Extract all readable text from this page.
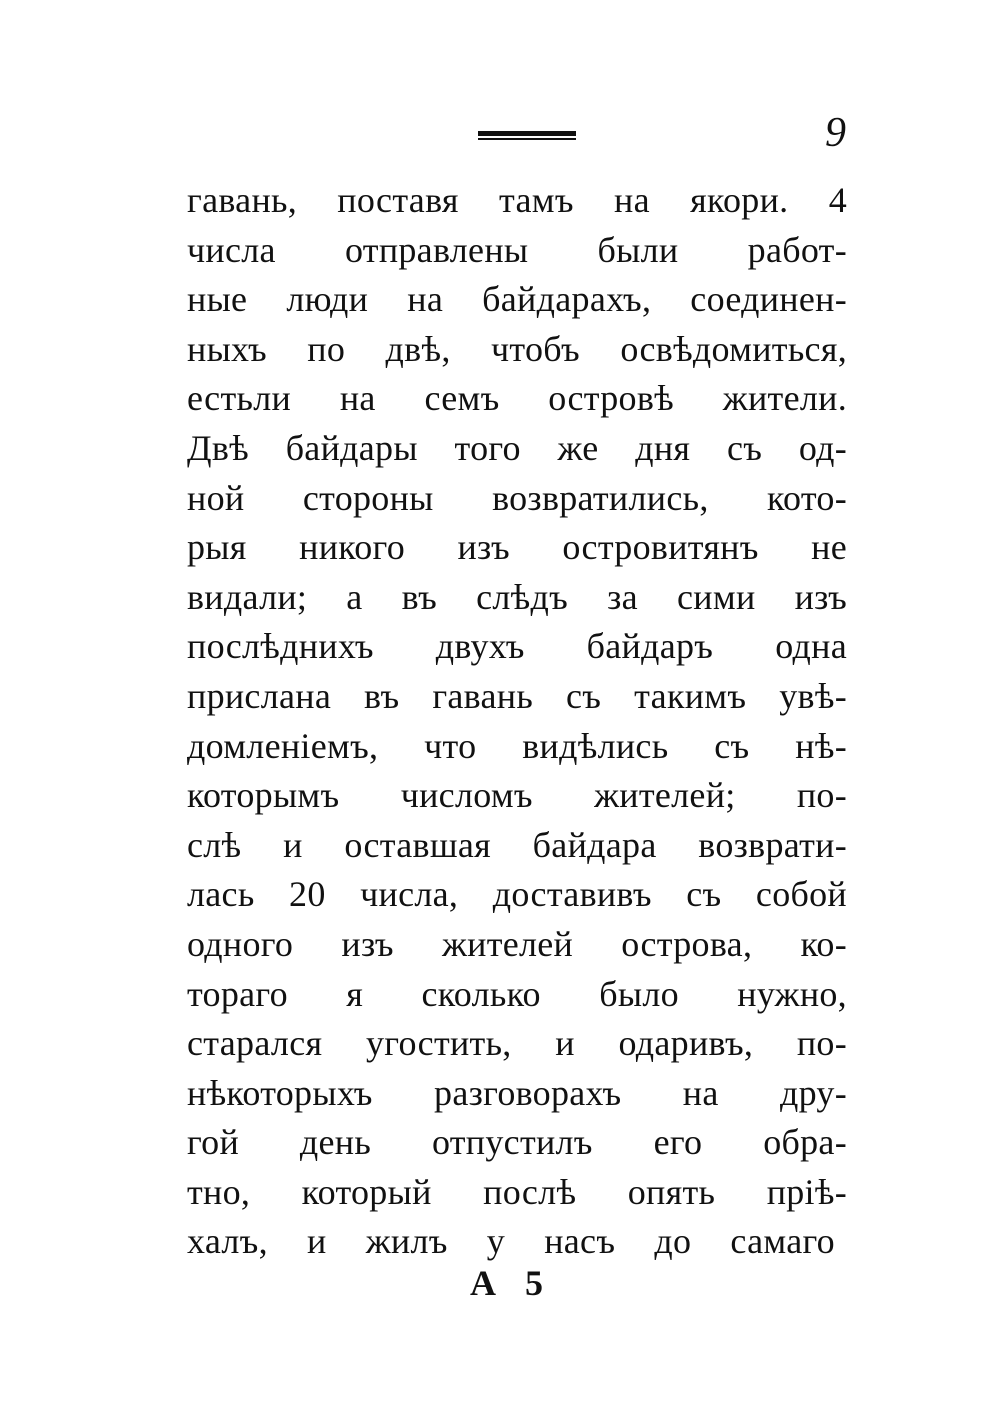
9
гавань, поставя тамъ на якори. 4
числа отправлены были работ-
ные люди на байдарахъ, соединен-
ныхъ по двѣ, чтобъ освѣдомиться,
естьли на семъ островѣ жители.
Двѣ байдары того же дня съ од-
ной стороны возвратились, кото-
рыя никого изъ островитянъ не
видали; а въ слѣдъ за сими изъ
послѣднихъ двухъ байдаръ одна
прислана въ гавань съ такимъ увѣ-
домленіемъ, что видѣлись съ нѣ-
которымъ числомъ жителей; по-
слѣ и оставшая байдара возврати-
лась 20 числа, доставивъ съ собой
одного изъ жителей острова, ко-
тораго я сколько было нужно,
старался угостить, и одаривъ, по-
нѣкоторыхъ разговорахъ на дру-
гой день отпустилъ его обра-
тно, который послѣ опять пріѣ-
халъ, и жилъ у насъ до самаго
А 5
